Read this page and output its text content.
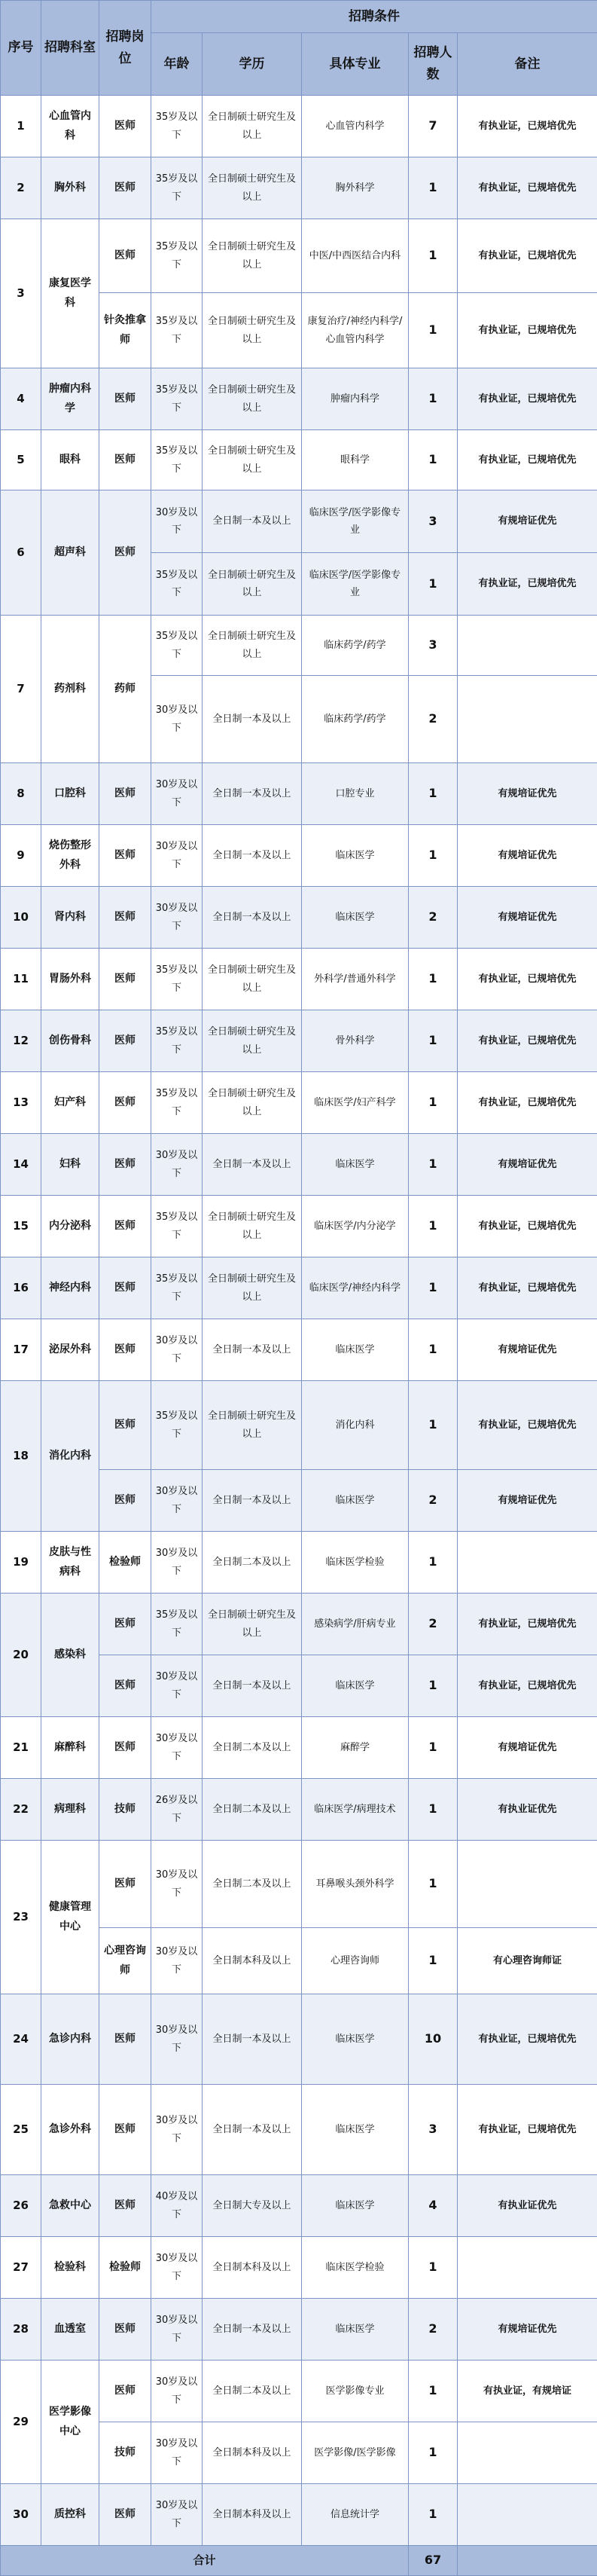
序号	招聘科室	招聘岗位	招聘条件				
			年龄	学历	具体专业	招聘人数	备注
1	心血管内科	医师	35岁及以下	全日制硕士研究生及以上	心血管内科学	7	有执业证，已规培优先
2	胸外科	医师	35岁及以下	全日制硕士研究生及以上	胸外科学	1	有执业证，已规培优先
3	康复医学科	医师	35岁及以下	全日制硕士研究生及以上	中医/中西医结合内科	1	有执业证，已规培优先
		针灸推拿师	35岁及以下	全日制硕士研究生及以上	康复治疗/神经内科学/心血管内科学	1	有执业证，已规培优先
4	肿瘤内科学	医师	35岁及以下	全日制硕士研究生及以上	肿瘤内科学	1	有执业证，已规培优先
5	眼科	医师	35岁及以下	全日制硕士研究生及以上	眼科学	1	有执业证，已规培优先
6	超声科	医师	30岁及以下	全日制一本及以上	临床医学/医学影像专业	3	有规培证优先
			35岁及以下	全日制硕士研究生及以上	临床医学/医学影像专业	1	有执业证，已规培优先
7	药剂科	药师	35岁及以下	全日制硕士研究生及以上	临床药学/药学	3	
			30岁及以下	全日制一本及以上	临床药学/药学	2	
8	口腔科	医师	30岁及以下	全日制一本及以上	口腔专业	1	有规培证优先
9	烧伤整形外科	医师	30岁及以下	全日制一本及以上	临床医学	1	有规培证优先
10	肾内科	医师	30岁及以下	全日制一本及以上	临床医学	2	有规培证优先
11	胃肠外科	医师	35岁及以下	全日制硕士研究生及以上	外科学/普通外科学	1	有执业证，已规培优先
12	创伤骨科	医师	35岁及以下	全日制硕士研究生及以上	骨外科学	1	有执业证，已规培优先
13	妇产科	医师	35岁及以下	全日制硕士研究生及以上	临床医学/妇产科学	1	有执业证，已规培优先
14	妇科	医师	30岁及以下	全日制一本及以上	临床医学	1	有规培证优先
15	内分泌科	医师	35岁及以下	全日制硕士研究生及以上	临床医学/内分泌学	1	有执业证，已规培优先
16	神经内科	医师	35岁及以下	全日制硕士研究生及以上	临床医学/神经内科学	1	有执业证，已规培优先
17	泌尿外科	医师	30岁及以下	全日制一本及以上	临床医学	1	有规培证优先
18	消化内科	医师	35岁及以下	全日制硕士研究生及以上	消化内科	1	有执业证，已规培优先
		医师	30岁及以下	全日制一本及以上	临床医学	2	有规培证优先
19	皮肤与性病科	检验师	30岁及以下	全日制二本及以上	临床医学检验	1	
20	感染科	医师	35岁及以下	全日制硕士研究生及以上	感染病学/肝病专业	2	有执业证，已规培优先
		医师	30岁及以下	全日制一本及以上	临床医学	1	有执业证，已规培优先
21	麻醉科	医师	30岁及以下	全日制二本及以上	麻醉学	1	有规培证优先
22	病理科	技师	26岁及以下	全日制二本及以上	临床医学/病理技术	1	有执业证优先
23	健康管理中心	医师	30岁及以下	全日制二本及以上	耳鼻喉头颈外科学	1	
		心理咨询师	30岁及以下	全日制本科及以上	心理咨询师	1	有心理咨询师证
24	急诊内科	医师	30岁及以下	全日制一本及以上	临床医学	10	有执业证，已规培优先
25	急诊外科	医师	30岁及以下	全日制一本及以上	临床医学	3	有执业证，已规培优先
26	急救中心	医师	40岁及以下	全日制大专及以上	临床医学	4	有执业证优先
27	检验科	检验师	30岁及以下	全日制本科及以上	临床医学检验	1	
28	血透室	医师	30岁及以下	全日制一本及以上	临床医学	2	有规培证优先
29	医学影像中心	医师	30岁及以下	全日制二本及以上	医学影像专业	1	有执业证，有规培证
		技师	30岁及以下	全日制本科及以上	医学影像/医学影像	1	
30	质控科	医师	30岁及以下	全日制本科及以上	信息统计学	1	
合计						67	
